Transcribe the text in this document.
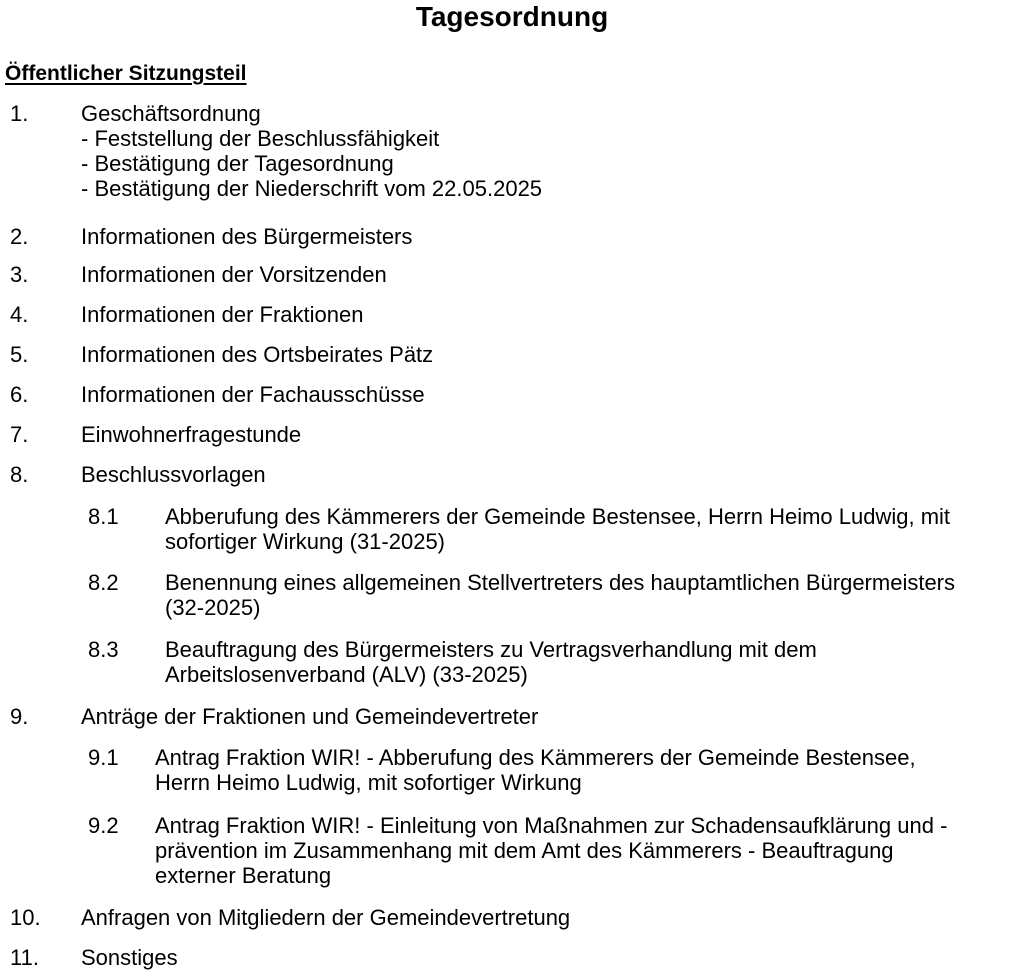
Tagesordnung
Öffentlicher Sitzungsteil
1. Geschäftsordnung
- Feststellung der Beschlussfähigkeit
- Bestätigung der Tagesordnung
- Bestätigung der Niederschrift vom 22.05.2025
2. Informationen des Bürgermeisters
3. Informationen der Vorsitzenden
4. Informationen der Fraktionen
5. Informationen des Ortsbeirates Pätz
6. Informationen der Fachausschüsse
7. Einwohnerfragestunde
8. Beschlussvorlagen
8.1 Abberufung des Kämmerers der Gemeinde Bestensee, Herrn Heimo Ludwig, mit
sofortiger Wirkung (31-2025)
8.2 Benennung eines allgemeinen Stellvertreters des hauptamtlichen Bürgermeisters
(32-2025)
8.3 Beauftragung des Bürgermeisters zu Vertragsverhandlung mit dem
Arbeitslosenverband (ALV) (33-2025)
9. Anträge der Fraktionen und Gemeindevertreter
9.1 Antrag Fraktion WIR! - Abberufung des Kämmerers der Gemeinde Bestensee,
Herrn Heimo Ludwig, mit sofortiger Wirkung
9.2 Antrag Fraktion WIR! - Einleitung von Maßnahmen zur Schadensaufklärung und -
prävention im Zusammenhang mit dem Amt des Kämmerers - Beauftragung
externer Beratung
10. Anfragen von Mitgliedern der Gemeindevertretung
11. Sonstiges
